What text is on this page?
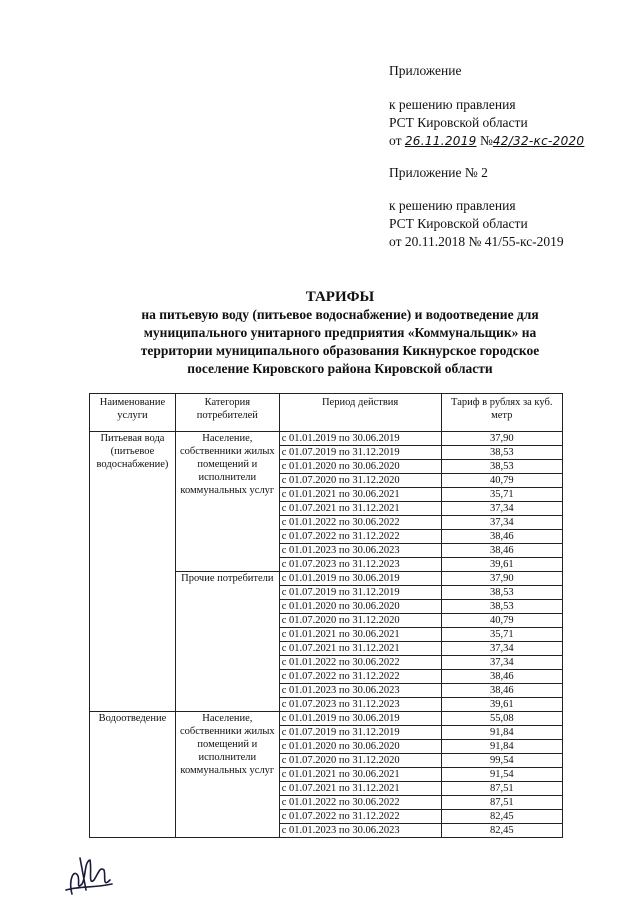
Приложение
к решению правления
РСТ Кировской области
от 26.11.2019 №42/32-кс-2020
Приложение № 2
к решению правления
РСТ Кировской области
от 20.11.2018 № 41/55-кс-2019
ТАРИФЫ
на питьевую воду (питьевое водоснабжение) и водоотведение для
муниципального унитарного предприятия «Коммунальщик» на
территории муниципального образования Кикнурское городское
поселение Кировского района Кировской области
Наименование услуги	Категория потребителей	Период действия	Тариф в рублях за куб. метр
Питьевая вода (питьевое водоснабжение)	Население, собственники жилых помещений и исполнители коммунальных услуг	с 01.01.2019 по 30.06.2019	37,90
		с 01.07.2019 по 31.12.2019	38,53
		с 01.01.2020 по 30.06.2020	38,53
		с 01.07.2020 по 31.12.2020	40,79
		с 01.01.2021 по 30.06.2021	35,71
		с 01.07.2021 по 31.12.2021	37,34
		с 01.01.2022 по 30.06.2022	37,34
		с 01.07.2022 по 31.12.2022	38,46
		с 01.01.2023 по 30.06.2023	38,46
		с 01.07.2023 по 31.12.2023	39,61
	Прочие потребители	с 01.01.2019 по 30.06.2019	37,90
		с 01.07.2019 по 31.12.2019	38,53
		с 01.01.2020 по 30.06.2020	38,53
		с 01.07.2020 по 31.12.2020	40,79
		с 01.01.2021 по 30.06.2021	35,71
		с 01.07.2021 по 31.12.2021	37,34
		с 01.01.2022 по 30.06.2022	37,34
		с 01.07.2022 по 31.12.2022	38,46
		с 01.01.2023 по 30.06.2023	38,46
		с 01.07.2023 по 31.12.2023	39,61
Водоотведение	Население, собственники жилых помещений и исполнители коммунальных услуг	с 01.01.2019 по 30.06.2019	55,08
		с 01.07.2019 по 31.12.2019	91,84
		с 01.01.2020 по 30.06.2020	91,84
		с 01.07.2020 по 31.12.2020	99,54
		с 01.01.2021 по 30.06.2021	91,54
		с 01.07.2021 по 31.12.2021	87,51
		с 01.01.2022 по 30.06.2022	87,51
		с 01.07.2022 по 31.12.2022	82,45
		с 01.01.2023 по 30.06.2023	82,45
